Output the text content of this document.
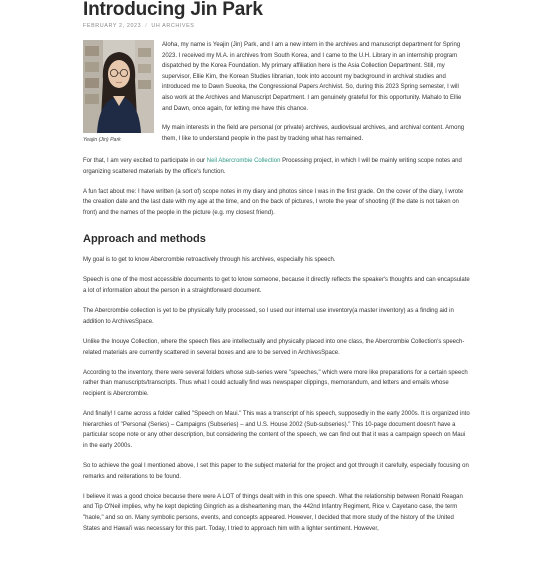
Introducing Jin Park
FEBRUARY 2, 2023 / UH ARCHIVES
Yeajin (Jin) Park

Aloha, my name is Yeajin (Jin) Park, and I am a new intern in the archives and manuscript department for Spring 2023. I received my M.A. in archives from South Korea, and I came to the U.H. Library in an internship program dispatched by the Korea Foundation. My primary affiliation here is the Asia Collection Department. Still, my supervisor, Ellie Kim, the Korean Studies librarian, took into account my background in archival studies and introduced me to Dawn Sueoka, the Congressional Papers Archivist. So, during this 2023 Spring semester, I will also work at the Archives and Manuscript Department. I am genuinely grateful for this opportunity. Mahalo to Ellie and Dawn, once again, for letting me have this chance.

My main interests in the field are personal (or private) archives, audiovisual archives, and archival content. Among them, I like to understand people in the past by tracking what has remained.

For that, I am very excited to participate in our Neil Abercrombie Collection Processing project, in which I will be mainly writing scope notes and organizing scattered materials by the office's function.

A fun fact about me: I have written (a sort of) scope notes in my diary and photos since I was in the first grade. On the cover of the diary, I wrote the creation date and the last date with my age at the time, and on the back of pictures, I wrote the year of shooting (if the date is not taken on front) and the names of the people in the picture (e.g. my closest friend).

Approach and methods

My goal is to get to know Abercrombie retroactively through his archives, especially his speech.

Speech is one of the most accessible documents to get to know someone, because it directly reflects the speaker's thoughts and can encapsulate a lot of information about the person in a straightforward document.

The Abercrombie collection is yet to be physically fully processed, so I used our internal use inventory(a master inventory) as a finding aid in addition to ArchivesSpace.

Unlike the Inouye Collection, where the speech files are intellectually and physically placed into one class, the Abercrombie Collection's speech-related materials are currently scattered in several boxes and are to be served in ArchivesSpace.

According to the inventory, there were several folders whose sub-series were "speeches," which were more like preparations for a certain speech rather than manuscripts/transcripts. Thus what I could actually find was newspaper clippings, memorandum, and letters and emails whose recipient is Abercrombie.

And finally! I came across a folder called "Speech on Maui." This was a transcript of his speech, supposedly in the early 2000s. It is organized into hierarchies of "Personal (Series) – Campaigns (Subseries) – and U.S. House 2002 (Sub-subseries)." This 10-page document doesn't have a particular scope note or any other description, but considering the content of the speech, we can find out that it was a campaign speech on Maui in the early 2000s.

So to achieve the goal I mentioned above, I set this paper to the subject material for the project and got through it carefully, especially focusing on remarks and reiterations to be found.

I believe it was a good choice because there were A LOT of things dealt with in this one speech. What the relationship between Ronald Reagan and Tip O'Neil implies, why he kept depicting Gingrich as a disheartening man, the 442nd Infantry Regiment, Rice v. Cayetano case, the term "haole," and so on. Many symbolic persons, events, and concepts appeared. However, I decided that more study of the history of the United States and Hawai'i was necessary for this part. Today, I tried to approach him with a lighter sentiment. However,
